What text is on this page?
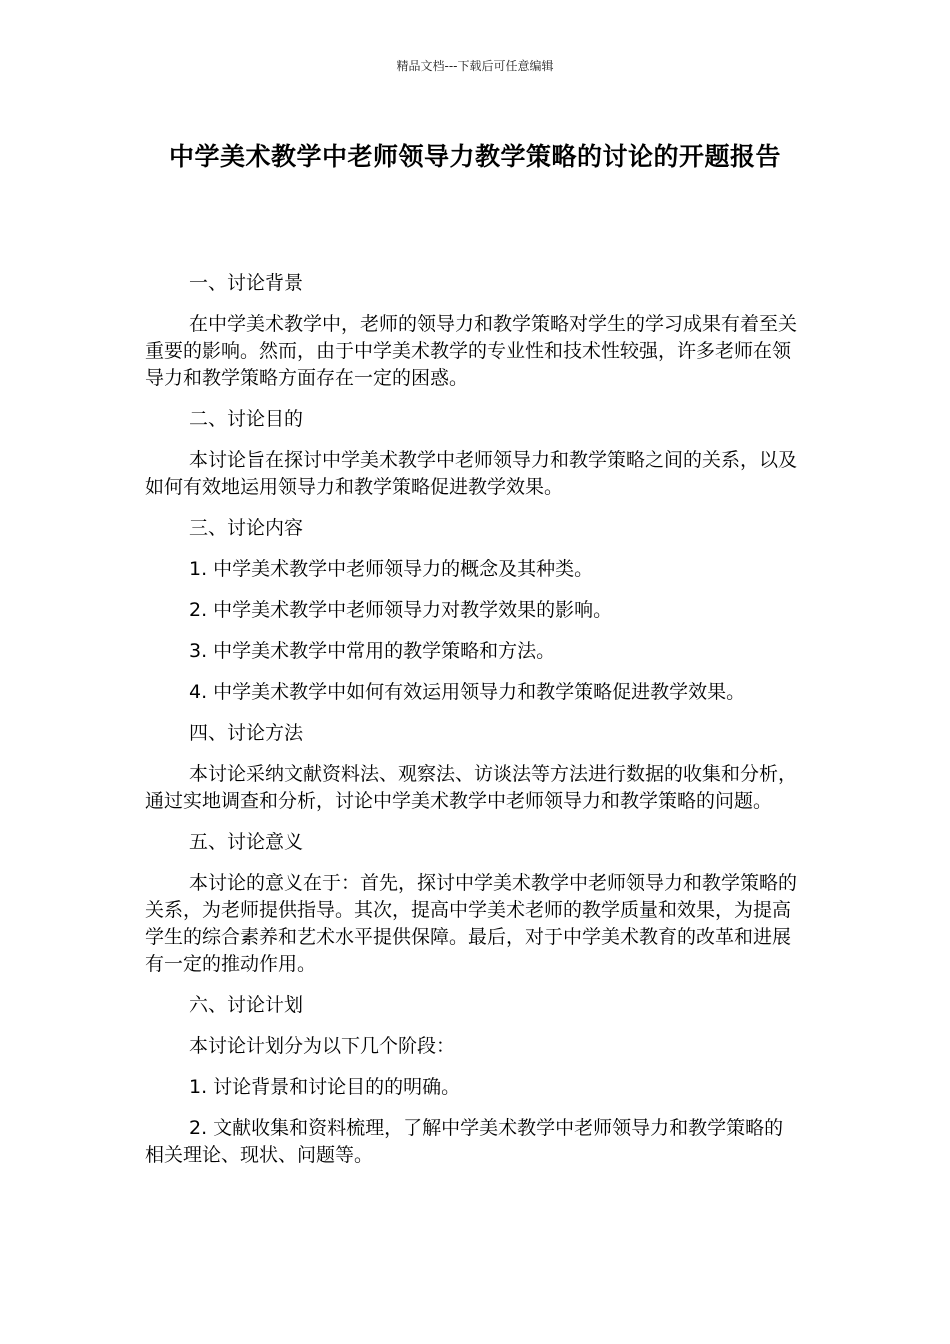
精品文档---下载后可任意编辑
中学美术教学中老师领导力教学策略的讨论的开题报告

一、讨论背景

在中学美术教学中，老师的领导力和教学策略对学生的学习成果有着至关重要的影响。然而，由于中学美术教学的专业性和技术性较强，许多老师在领导力和教学策略方面存在一定的困惑。

二、讨论目的

本讨论旨在探讨中学美术教学中老师领导力和教学策略之间的关系，以及如何有效地运用领导力和教学策略促进教学效果。

三、讨论内容

1. 中学美术教学中老师领导力的概念及其种类。

2. 中学美术教学中老师领导力对教学效果的影响。

3. 中学美术教学中常用的教学策略和方法。

4. 中学美术教学中如何有效运用领导力和教学策略促进教学效果。

四、讨论方法

本讨论采纳文献资料法、观察法、访谈法等方法进行数据的收集和分析，通过实地调查和分析，讨论中学美术教学中老师领导力和教学策略的问题。

五、讨论意义

本讨论的意义在于：首先，探讨中学美术教学中老师领导力和教学策略的关系，为老师提供指导。其次，提高中学美术老师的教学质量和效果，为提高学生的综合素养和艺术水平提供保障。最后，对于中学美术教育的改革和进展有一定的推动作用。

六、讨论计划

本讨论计划分为以下几个阶段：

1. 讨论背景和讨论目的的明确。

2. 文献收集和资料梳理，了解中学美术教学中老师领导力和教学策略的相关理论、现状、问题等。
